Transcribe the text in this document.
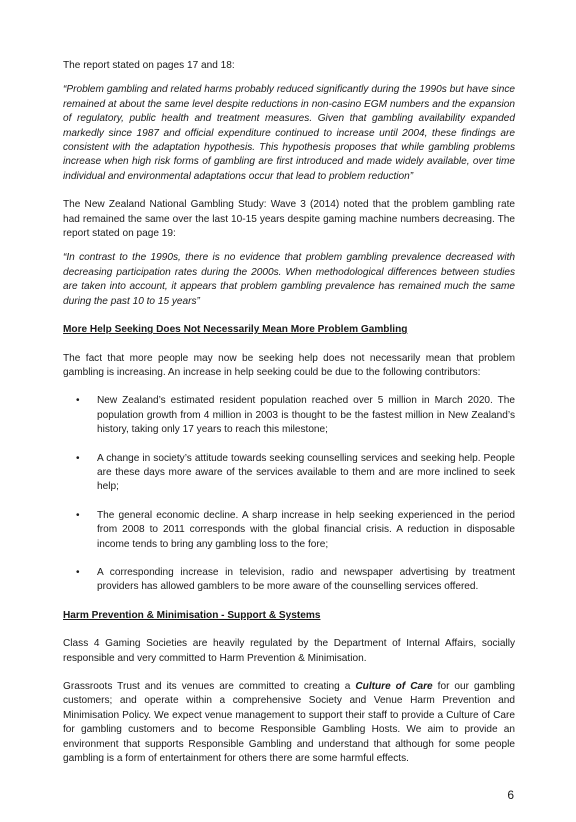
The report stated on pages 17 and 18:

“Problem gambling and related harms probably reduced significantly during the 1990s but have since remained at about the same level despite reductions in non-casino EGM numbers and the expansion of regulatory, public health and treatment measures. Given that gambling availability expanded markedly since 1987 and official expenditure continued to increase until 2004, these findings are consistent with the adaptation hypothesis. This hypothesis proposes that while gambling problems increase when high risk forms of gambling are first introduced and made widely available, over time individual and environmental adaptations occur that lead to problem reduction”

The New Zealand National Gambling Study: Wave 3 (2014) noted that the problem gambling rate had remained the same over the last 10-15 years despite gaming machine numbers decreasing. The report stated on page 19:

“In contrast to the 1990s, there is no evidence that problem gambling prevalence decreased with decreasing participation rates during the 2000s. When methodological differences between studies are taken into account, it appears that problem gambling prevalence has remained much the same during the past 10 to 15 years”

More Help Seeking Does Not Necessarily Mean More Problem Gambling

The fact that more people may now be seeking help does not necessarily mean that problem gambling is increasing. An increase in help seeking could be due to the following contributors:

• New Zealand’s estimated resident population reached over 5 million in March 2020. The population growth from 4 million in 2003 is thought to be the fastest million in New Zealand’s history, taking only 17 years to reach this milestone;
• A change in society’s attitude towards seeking counselling services and seeking help. People are these days more aware of the services available to them and are more inclined to seek help;
• The general economic decline. A sharp increase in help seeking experienced in the period from 2008 to 2011 corresponds with the global financial crisis. A reduction in disposable income tends to bring any gambling loss to the fore;
• A corresponding increase in television, radio and newspaper advertising by treatment providers has allowed gamblers to be more aware of the counselling services offered.

Harm Prevention & Minimisation - Support & Systems

Class 4 Gaming Societies are heavily regulated by the Department of Internal Affairs, socially responsible and very committed to Harm Prevention & Minimisation.

Grassroots Trust and its venues are committed to creating a Culture of Care for our gambling customers; and operate within a comprehensive Society and Venue Harm Prevention and Minimisation Policy. We expect venue management to support their staff to provide a Culture of Care for gambling customers and to become Responsible Gambling Hosts. We aim to provide an environment that supports Responsible Gambling and understand that although for some people gambling is a form of entertainment for others there are some harmful effects.

6
